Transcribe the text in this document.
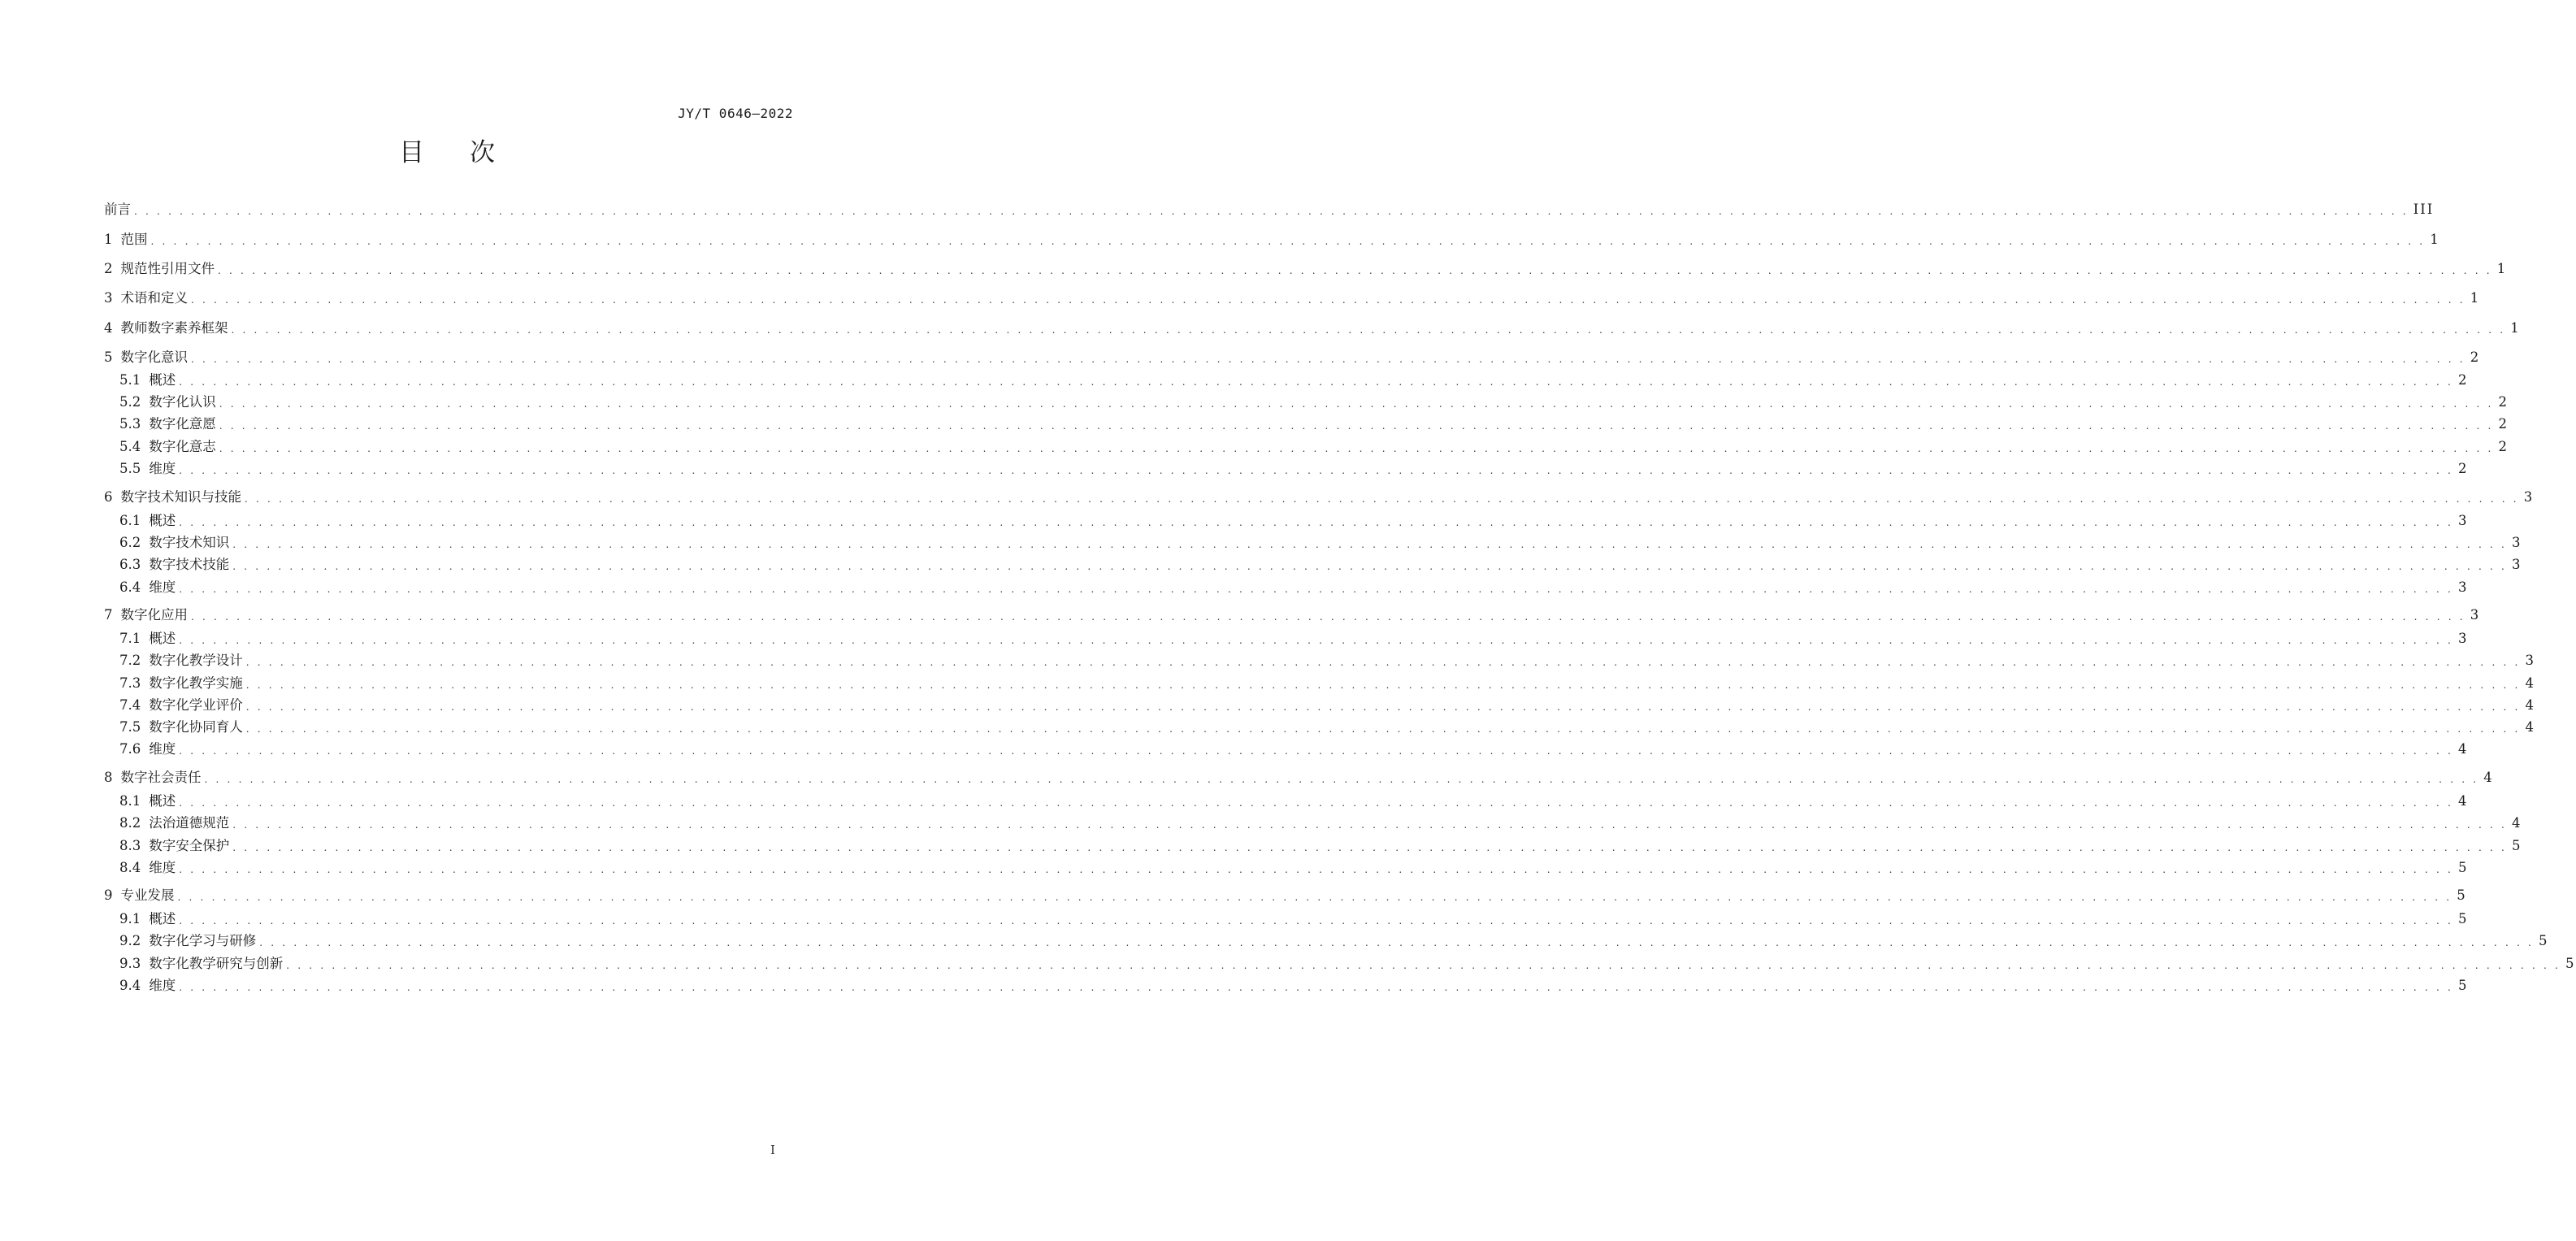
JY/T 0646—2022
目 次
前言 . . . . . . . . . . . . . . . . . . . . . . . . . . . . . . . . . . . . . . . . . . . . . . . . . . . . . . . . . . . . . . . . . . . . . . . . . . . . . . . . . . . . . . . . . . . . . . . . . . . . . . . . . . . . . . . . . . . . . . . . . . . . . . . . . . . . . . . . . . . . . . . . . . . . . . . . . . . . . . . . . . . . . . . . . . . . . . . . . . . . . . . . . . . . . . . . . . . . . . . . III
1 范围 . . . . . . . . . . . . . . . . . . . . . . . . . . . . . . . . . . . . . . . . . . . . . . . . . . . . . . . . . . . . . . . . . . . . . . . . . . . . . . . . . . . . . . . . . . . . . . . . . . . . . . . . . . . . . . . . . . . . . . . . . . . . . . . . . . . . . . . . . . . . . . . . . . . . . . . . . . . . . . . . . . . . . . . . . . . . . . . . . . . . . . . . . . . . . . . . . . . . . . . . 1
2 规范性引用文件 . . . . . . . . . . . . . . . . . . . . . . . . . . . . . . . . . . . . . . . . . . . . . . . . . . . . . . . . . . . . . . . . . . . . . . . . . . . . . . . . . . . . . . . . . . . . . . . . . . . . . . . . . . . . . . . . . . . . . . . . . . . . . . . . . . . . . . . . . . . . . . . . . . . . . . . . . . . . . . . . . . . . . . . . . . . . . . . . . . . . . . . . . . . . . . . . . . . . . . . . 1
3 术语和定义 . . . . . . . . . . . . . . . . . . . . . . . . . . . . . . . . . . . . . . . . . . . . . . . . . . . . . . . . . . . . . . . . . . . . . . . . . . . . . . . . . . . . . . . . . . . . . . . . . . . . . . . . . . . . . . . . . . . . . . . . . . . . . . . . . . . . . . . . . . . . . . . . . . . . . . . . . . . . . . . . . . . . . . . . . . . . . . . . . . . . . . . . . . . . . . . . . . . . . . . . 1
4 教师数字素养框架 . . . . . . . . . . . . . . . . . . . . . . . . . . . . . . . . . . . . . . . . . . . . . . . . . . . . . . . . . . . . . . . . . . . . . . . . . . . . . . . . . . . . . . . . . . . . . . . . . . . . . . . . . . . . . . . . . . . . . . . . . . . . . . . . . . . . . . . . . . . . . . . . . . . . . . . . . . . . . . . . . . . . . . . . . . . . . . . . . . . . . . . . . . . . . . . . . . . . . . . . 1
5 数字化意识 . . . . . . . . . . . . . . . . . . . . . . . . . . . . . . . . . . . . . . . . . . . . . . . . . . . . . . . . . . . . . . . . . . . . . . . . . . . . . . . . . . . . . . . . . . . . . . . . . . . . . . . . . . . . . . . . . . . . . . . . . . . . . . . . . . . . . . . . . . . . . . . . . . . . . . . . . . . . . . . . . . . . . . . . . . . . . . . . . . . . . . . . . . . . . . . . . . . . . . . . 2
5.1 概述 . . . . . . . . . . . . . . . . . . . . . . . . . . . . . . . . . . . . . . . . . . . . . . . . . . . . . . . . . . . . . . . . . . . . . . . . . . . . . . . . . . . . . . . . . . . . . . . . . . . . . . . . . . . . . . . . . . . . . . . . . . . . . . . . . . . . . . . . . . . . . . . . . . . . . . . . . . . . . . . . . . . . . . . . . . . . . . . . . . . . . . . . . . . . . . . . . . . . . . . . 2
5.2 数字化认识 . . . . . . . . . . . . . . . . . . . . . . . . . . . . . . . . . . . . . . . . . . . . . . . . . . . . . . . . . . . . . . . . . . . . . . . . . . . . . . . . . . . . . . . . . . . . . . . . . . . . . . . . . . . . . . . . . . . . . . . . . . . . . . . . . . . . . . . . . . . . . . . . . . . . . . . . . . . . . . . . . . . . . . . . . . . . . . . . . . . . . . . . . . . . . . . . . . . . . . . . 2
5.3 数字化意愿 . . . . . . . . . . . . . . . . . . . . . . . . . . . . . . . . . . . . . . . . . . . . . . . . . . . . . . . . . . . . . . . . . . . . . . . . . . . . . . . . . . . . . . . . . . . . . . . . . . . . . . . . . . . . . . . . . . . . . . . . . . . . . . . . . . . . . . . . . . . . . . . . . . . . . . . . . . . . . . . . . . . . . . . . . . . . . . . . . . . . . . . . . . . . . . . . . . . . . . . . 2
5.4 数字化意志 . . . . . . . . . . . . . . . . . . . . . . . . . . . . . . . . . . . . . . . . . . . . . . . . . . . . . . . . . . . . . . . . . . . . . . . . . . . . . . . . . . . . . . . . . . . . . . . . . . . . . . . . . . . . . . . . . . . . . . . . . . . . . . . . . . . . . . . . . . . . . . . . . . . . . . . . . . . . . . . . . . . . . . . . . . . . . . . . . . . . . . . . . . . . . . . . . . . . . . . . 2
5.5 维度 . . . . . . . . . . . . . . . . . . . . . . . . . . . . . . . . . . . . . . . . . . . . . . . . . . . . . . . . . . . . . . . . . . . . . . . . . . . . . . . . . . . . . . . . . . . . . . . . . . . . . . . . . . . . . . . . . . . . . . . . . . . . . . . . . . . . . . . . . . . . . . . . . . . . . . . . . . . . . . . . . . . . . . . . . . . . . . . . . . . . . . . . . . . . . . . . . . . . . . . . 2
6 数字技术知识与技能 . . . . . . . . . . . . . . . . . . . . . . . . . . . . . . . . . . . . . . . . . . . . . . . . . . . . . . . . . . . . . . . . . . . . . . . . . . . . . . . . . . . . . . . . . . . . . . . . . . . . . . . . . . . . . . . . . . . . . . . . . . . . . . . . . . . . . . . . . . . . . . . . . . . . . . . . . . . . . . . . . . . . . . . . . . . . . . . . . . . . . . . . . . . . . . . . . . . . . . . . 3
6.1 概述 . . . . . . . . . . . . . . . . . . . . . . . . . . . . . . . . . . . . . . . . . . . . . . . . . . . . . . . . . . . . . . . . . . . . . . . . . . . . . . . . . . . . . . . . . . . . . . . . . . . . . . . . . . . . . . . . . . . . . . . . . . . . . . . . . . . . . . . . . . . . . . . . . . . . . . . . . . . . . . . . . . . . . . . . . . . . . . . . . . . . . . . . . . . . . . . . . . . . . . . . 3
6.2 数字技术知识 . . . . . . . . . . . . . . . . . . . . . . . . . . . . . . . . . . . . . . . . . . . . . . . . . . . . . . . . . . . . . . . . . . . . . . . . . . . . . . . . . . . . . . . . . . . . . . . . . . . . . . . . . . . . . . . . . . . . . . . . . . . . . . . . . . . . . . . . . . . . . . . . . . . . . . . . . . . . . . . . . . . . . . . . . . . . . . . . . . . . . . . . . . . . . . . . . . . . . . . . 3
6.3 数字技术技能 . . . . . . . . . . . . . . . . . . . . . . . . . . . . . . . . . . . . . . . . . . . . . . . . . . . . . . . . . . . . . . . . . . . . . . . . . . . . . . . . . . . . . . . . . . . . . . . . . . . . . . . . . . . . . . . . . . . . . . . . . . . . . . . . . . . . . . . . . . . . . . . . . . . . . . . . . . . . . . . . . . . . . . . . . . . . . . . . . . . . . . . . . . . . . . . . . . . . . . . . 3
6.4 维度 . . . . . . . . . . . . . . . . . . . . . . . . . . . . . . . . . . . . . . . . . . . . . . . . . . . . . . . . . . . . . . . . . . . . . . . . . . . . . . . . . . . . . . . . . . . . . . . . . . . . . . . . . . . . . . . . . . . . . . . . . . . . . . . . . . . . . . . . . . . . . . . . . . . . . . . . . . . . . . . . . . . . . . . . . . . . . . . . . . . . . . . . . . . . . . . . . . . . . . . . 3
7 数字化应用 . . . . . . . . . . . . . . . . . . . . . . . . . . . . . . . . . . . . . . . . . . . . . . . . . . . . . . . . . . . . . . . . . . . . . . . . . . . . . . . . . . . . . . . . . . . . . . . . . . . . . . . . . . . . . . . . . . . . . . . . . . . . . . . . . . . . . . . . . . . . . . . . . . . . . . . . . . . . . . . . . . . . . . . . . . . . . . . . . . . . . . . . . . . . . . . . . . . . . . . . 3
7.1 概述 . . . . . . . . . . . . . . . . . . . . . . . . . . . . . . . . . . . . . . . . . . . . . . . . . . . . . . . . . . . . . . . . . . . . . . . . . . . . . . . . . . . . . . . . . . . . . . . . . . . . . . . . . . . . . . . . . . . . . . . . . . . . . . . . . . . . . . . . . . . . . . . . . . . . . . . . . . . . . . . . . . . . . . . . . . . . . . . . . . . . . . . . . . . . . . . . . . . . . . . . 3
7.2 数字化教学设计 . . . . . . . . . . . . . . . . . . . . . . . . . . . . . . . . . . . . . . . . . . . . . . . . . . . . . . . . . . . . . . . . . . . . . . . . . . . . . . . . . . . . . . . . . . . . . . . . . . . . . . . . . . . . . . . . . . . . . . . . . . . . . . . . . . . . . . . . . . . . . . . . . . . . . . . . . . . . . . . . . . . . . . . . . . . . . . . . . . . . . . . . . . . . . . . . . . . . . . . . 3
7.3 数字化教学实施 . . . . . . . . . . . . . . . . . . . . . . . . . . . . . . . . . . . . . . . . . . . . . . . . . . . . . . . . . . . . . . . . . . . . . . . . . . . . . . . . . . . . . . . . . . . . . . . . . . . . . . . . . . . . . . . . . . . . . . . . . . . . . . . . . . . . . . . . . . . . . . . . . . . . . . . . . . . . . . . . . . . . . . . . . . . . . . . . . . . . . . . . . . . . . . . . . . . . . . . . 4
7.4 数字化学业评价 . . . . . . . . . . . . . . . . . . . . . . . . . . . . . . . . . . . . . . . . . . . . . . . . . . . . . . . . . . . . . . . . . . . . . . . . . . . . . . . . . . . . . . . . . . . . . . . . . . . . . . . . . . . . . . . . . . . . . . . . . . . . . . . . . . . . . . . . . . . . . . . . . . . . . . . . . . . . . . . . . . . . . . . . . . . . . . . . . . . . . . . . . . . . . . . . . . . . . . . . 4
7.5 数字化协同育人 . . . . . . . . . . . . . . . . . . . . . . . . . . . . . . . . . . . . . . . . . . . . . . . . . . . . . . . . . . . . . . . . . . . . . . . . . . . . . . . . . . . . . . . . . . . . . . . . . . . . . . . . . . . . . . . . . . . . . . . . . . . . . . . . . . . . . . . . . . . . . . . . . . . . . . . . . . . . . . . . . . . . . . . . . . . . . . . . . . . . . . . . . . . . . . . . . . . . . . . . 4
7.6 维度 . . . . . . . . . . . . . . . . . . . . . . . . . . . . . . . . . . . . . . . . . . . . . . . . . . . . . . . . . . . . . . . . . . . . . . . . . . . . . . . . . . . . . . . . . . . . . . . . . . . . . . . . . . . . . . . . . . . . . . . . . . . . . . . . . . . . . . . . . . . . . . . . . . . . . . . . . . . . . . . . . . . . . . . . . . . . . . . . . . . . . . . . . . . . . . . . . . . . . . . . 4
8 数字社会责任 . . . . . . . . . . . . . . . . . . . . . . . . . . . . . . . . . . . . . . . . . . . . . . . . . . . . . . . . . . . . . . . . . . . . . . . . . . . . . . . . . . . . . . . . . . . . . . . . . . . . . . . . . . . . . . . . . . . . . . . . . . . . . . . . . . . . . . . . . . . . . . . . . . . . . . . . . . . . . . . . . . . . . . . . . . . . . . . . . . . . . . . . . . . . . . . . . . . . . . . . 4
8.1 概述 . . . . . . . . . . . . . . . . . . . . . . . . . . . . . . . . . . . . . . . . . . . . . . . . . . . . . . . . . . . . . . . . . . . . . . . . . . . . . . . . . . . . . . . . . . . . . . . . . . . . . . . . . . . . . . . . . . . . . . . . . . . . . . . . . . . . . . . . . . . . . . . . . . . . . . . . . . . . . . . . . . . . . . . . . . . . . . . . . . . . . . . . . . . . . . . . . . . . . . . . 4
8.2 法治道德规范 . . . . . . . . . . . . . . . . . . . . . . . . . . . . . . . . . . . . . . . . . . . . . . . . . . . . . . . . . . . . . . . . . . . . . . . . . . . . . . . . . . . . . . . . . . . . . . . . . . . . . . . . . . . . . . . . . . . . . . . . . . . . . . . . . . . . . . . . . . . . . . . . . . . . . . . . . . . . . . . . . . . . . . . . . . . . . . . . . . . . . . . . . . . . . . . . . . . . . . . . 4
8.3 数字安全保护 . . . . . . . . . . . . . . . . . . . . . . . . . . . . . . . . . . . . . . . . . . . . . . . . . . . . . . . . . . . . . . . . . . . . . . . . . . . . . . . . . . . . . . . . . . . . . . . . . . . . . . . . . . . . . . . . . . . . . . . . . . . . . . . . . . . . . . . . . . . . . . . . . . . . . . . . . . . . . . . . . . . . . . . . . . . . . . . . . . . . . . . . . . . . . . . . . . . . . . . . 5
8.4 维度 . . . . . . . . . . . . . . . . . . . . . . . . . . . . . . . . . . . . . . . . . . . . . . . . . . . . . . . . . . . . . . . . . . . . . . . . . . . . . . . . . . . . . . . . . . . . . . . . . . . . . . . . . . . . . . . . . . . . . . . . . . . . . . . . . . . . . . . . . . . . . . . . . . . . . . . . . . . . . . . . . . . . . . . . . . . . . . . . . . . . . . . . . . . . . . . . . . . . . . . . 5
9 专业发展 . . . . . . . . . . . . . . . . . . . . . . . . . . . . . . . . . . . . . . . . . . . . . . . . . . . . . . . . . . . . . . . . . . . . . . . . . . . . . . . . . . . . . . . . . . . . . . . . . . . . . . . . . . . . . . . . . . . . . . . . . . . . . . . . . . . . . . . . . . . . . . . . . . . . . . . . . . . . . . . . . . . . . . . . . . . . . . . . . . . . . . . . . . . . . . . . . . . . . . . . 5
9.1 概述 . . . . . . . . . . . . . . . . . . . . . . . . . . . . . . . . . . . . . . . . . . . . . . . . . . . . . . . . . . . . . . . . . . . . . . . . . . . . . . . . . . . . . . . . . . . . . . . . . . . . . . . . . . . . . . . . . . . . . . . . . . . . . . . . . . . . . . . . . . . . . . . . . . . . . . . . . . . . . . . . . . . . . . . . . . . . . . . . . . . . . . . . . . . . . . . . . . . . . . . . 5
9.2 数字化学习与研修 . . . . . . . . . . . . . . . . . . . . . . . . . . . . . . . . . . . . . . . . . . . . . . . . . . . . . . . . . . . . . . . . . . . . . . . . . . . . . . . . . . . . . . . . . . . . . . . . . . . . . . . . . . . . . . . . . . . . . . . . . . . . . . . . . . . . . . . . . . . . . . . . . . . . . . . . . . . . . . . . . . . . . . . . . . . . . . . . . . . . . . . . . . . . . . . . . . . . . . . . 5
9.3 数字化教学研究与创新 . . . . . . . . . . . . . . . . . . . . . . . . . . . . . . . . . . . . . . . . . . . . . . . . . . . . . . . . . . . . . . . . . . . . . . . . . . . . . . . . . . . . . . . . . . . . . . . . . . . . . . . . . . . . . . . . . . . . . . . . . . . . . . . . . . . . . . . . . . . . . . . . . . . . . . . . . . . . . . . . . . . . . . . . . . . . . . . . . . . . . . . . . . . . . . . . . . . . . . . . 5
9.4 维度 . . . . . . . . . . . . . . . . . . . . . . . . . . . . . . . . . . . . . . . . . . . . . . . . . . . . . . . . . . . . . . . . . . . . . . . . . . . . . . . . . . . . . . . . . . . . . . . . . . . . . . . . . . . . . . . . . . . . . . . . . . . . . . . . . . . . . . . . . . . . . . . . . . . . . . . . . . . . . . . . . . . . . . . . . . . . . . . . . . . . . . . . . . . . . . . . . . . . . . . . 5
I
